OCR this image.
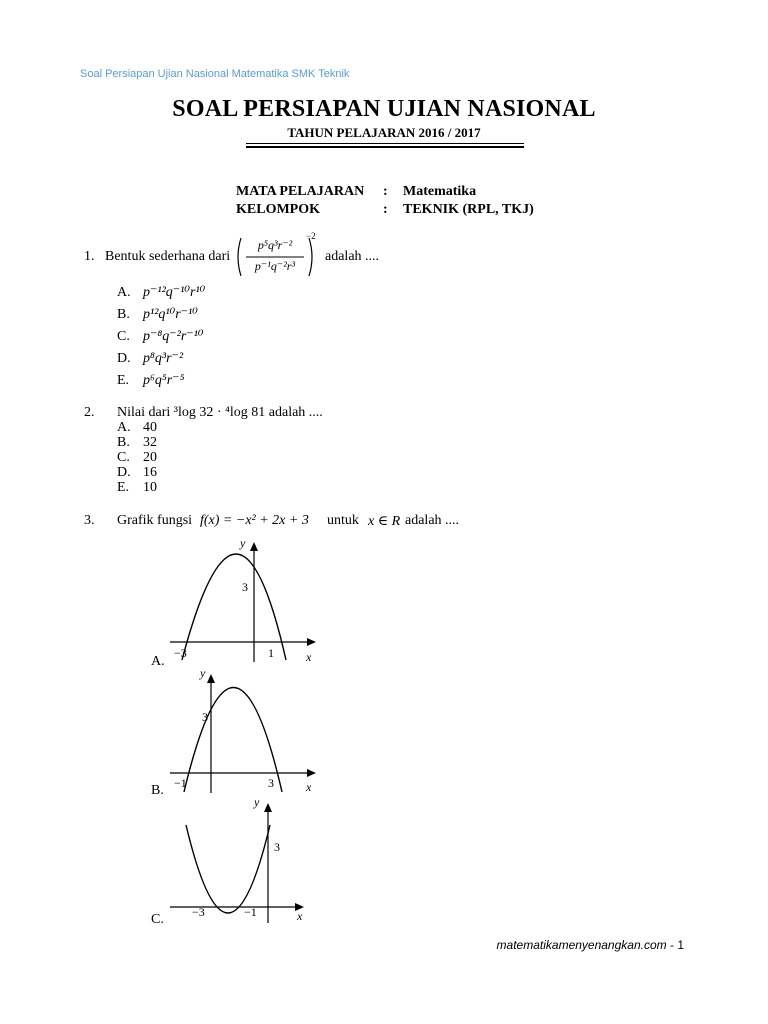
Soal Persiapan Ujian Nasional Matematika SMK Teknik
SOAL PERSIAPAN UJIAN NASIONAL
TAHUN PELAJARAN 2016 / 2017
MATA PELAJARAN : Matematika
KELOMPOK	: TEKNIK (RPL, TKJ)
1. Bentuk sederhana dari
p⁵q³r⁻²
p⁻¹q⁻²r³
−2
adalah ....
A. p⁻¹²q⁻¹⁰r¹⁰
B. p¹²q¹⁰r⁻¹⁰
C. p⁻⁸q⁻²r⁻¹⁰
D. p⁸q³r⁻²
E. p⁶q⁵r⁻⁵
2. Nilai dari ³log 32 · ⁴log 81 adalah ....
A. 40
B. 32
C. 20
D. 16
E. 10
3. Grafik fungsi f(x) = −x² + 2x + 3 untuk x ∈ R adalah ....
y
x
−3	1
3
A.
y
x
−1	3
3
B.
y
x
−3	−1
3
C.
matematikamenyenangkan.com - 1
